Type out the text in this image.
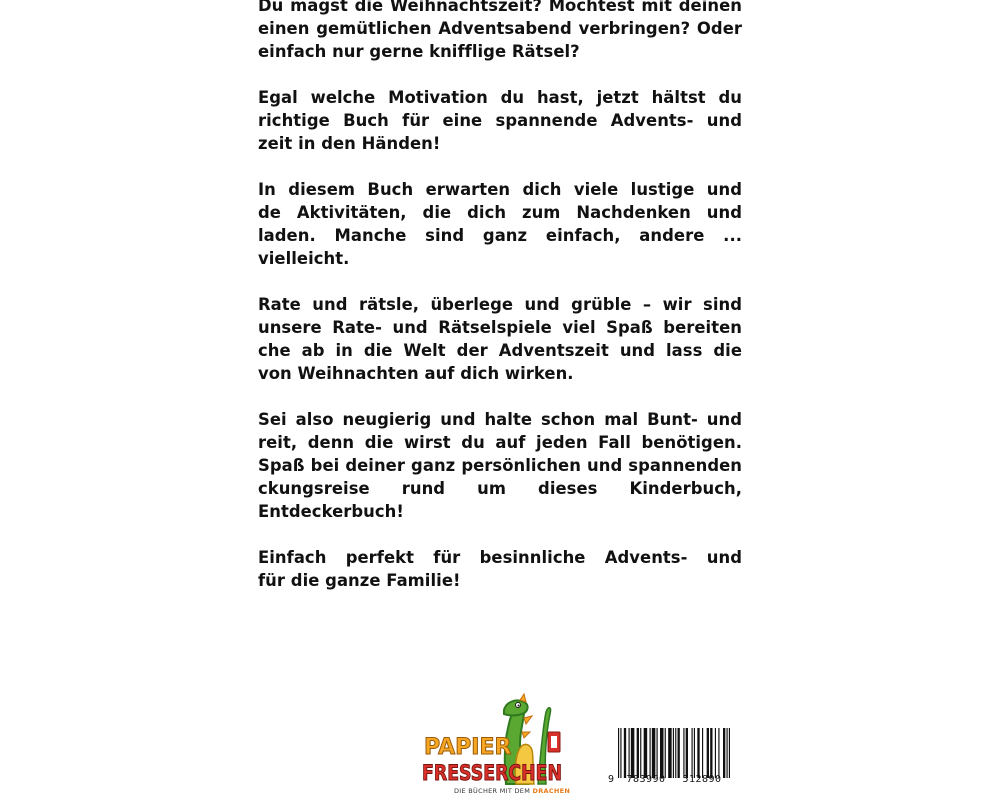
Du magst die Weihnachtszeit? Möchtest mit deinen
einen gemütlichen Adventsabend verbringen? Oder
einfach nur gerne knifflige Rätsel?
Egal welche Motivation du hast, jetzt hältst du
richtige Buch für eine spannende Advents- und
zeit in den Händen!
In diesem Buch erwarten dich viele lustige und
de Aktivitäten, die dich zum Nachdenken und
laden. Manche sind ganz einfach, andere ...
vielleicht.
Rate und rätsle, überlege und grüble – wir sind
unsere Rate- und Rätselspiele viel Spaß bereiten
che ab in die Welt der Adventszeit und lass die
von Weihnachten auf dich wirken.
Sei also neugierig und halte schon mal Bunt- und
reit, denn die wirst du auf jeden Fall benötigen.
Spaß bei deiner ganz persönlichen und spannenden
ckungsreise rund um dieses Kinderbuch,
Entdeckerbuch!
Einfach perfekt für besinnliche Advents- und
für die ganze Familie!
PAPIER
FRESSERCHEN
DIE BÜCHER MIT DEM DRACHEN
9	783990	512890
